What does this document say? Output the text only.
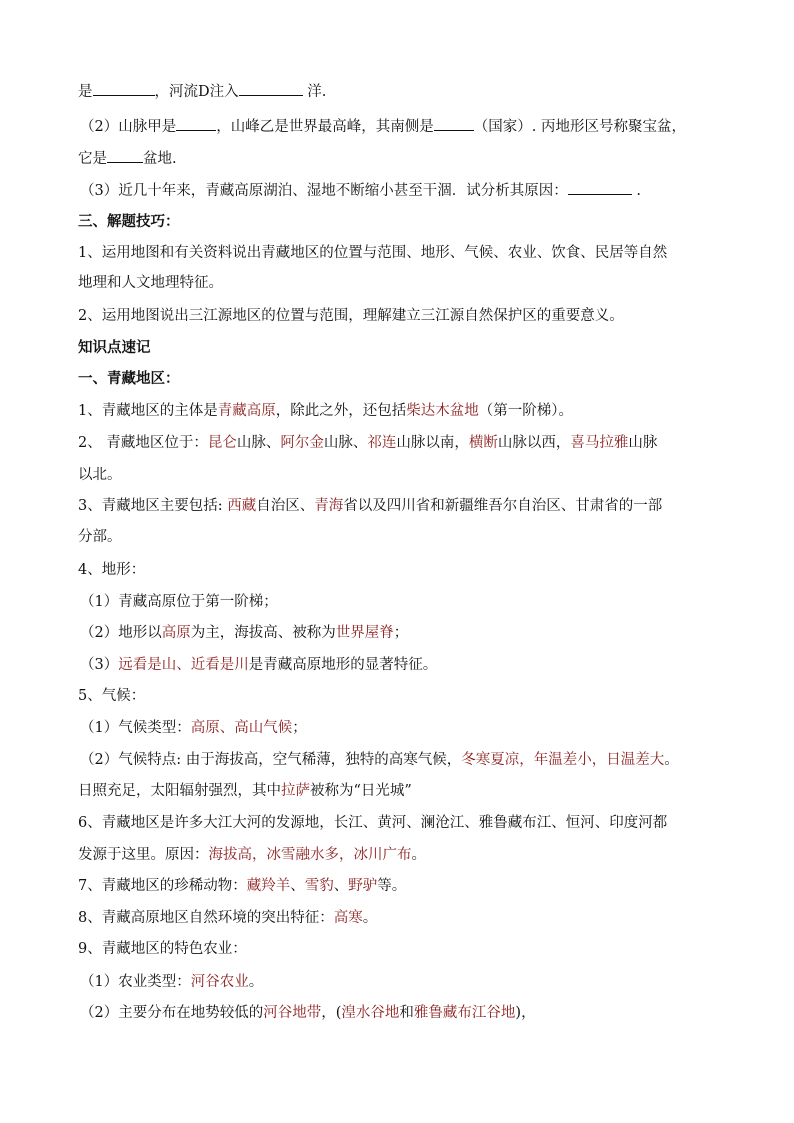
是	，河流D注入	洋.
（2）山脉甲是	，山峰乙是世界最高峰，其南侧是	（国家）. 丙地形区号称聚宝盆，
它是 盆地.
（3）近几十年来，青藏高原湖泊、湿地不断缩小甚至干涸．试分析其原因：	.
三、解题技巧：
1、运用地图和有关资料说出青藏地区的位置与范围、地形、气候、农业、饮食、民居等自然
地理和人文地理特征。
2、运用地图说出三江源地区的位置与范围，理解建立三江源自然保护区的重要意义。
知识点速记
一、青藏地区：
1、青藏地区的主体是青藏高原，除此之外，还包括柴达木盆地（第一阶梯）。
2、 青藏地区位于：昆仑山脉、阿尔金山脉、祁连山脉以南，横断山脉以西，喜马拉雅山脉
以北。
3、青藏地区主要包括: 西藏自治区、青海省以及四川省和新疆维吾尔自治区、甘肃省的一部
分部。
4、地形：
（1）青藏高原位于第一阶梯；
（2）地形以高原为主，海拔高、被称为世界屋脊；
（3）远看是山、近看是川是青藏高原地形的显著特征。
5、气候：
（1）气候类型：高原、高山气候；
（2）气候特点: 由于海拔高，空气稀薄，独特的高寒气候，冬寒夏凉，年温差小，日温差大。
日照充足，太阳辐射强烈，其中拉萨被称为“日光城”
6、青藏地区是许多大江大河的发源地，长江、黄河、澜沧江、雅鲁藏布江、恒河、印度河都
发源于这里。原因：海拔高，冰雪融水多，冰川广布。
7、青藏地区的珍稀动物：藏羚羊、雪豹、野驴等。
8、青藏高原地区自然环境的突出特征：高寒。
9、青藏地区的特色农业：
（1）农业类型：河谷农业。
（2）主要分布在地势较低的河谷地带，(湟水谷地和雅鲁藏布江谷地)，
